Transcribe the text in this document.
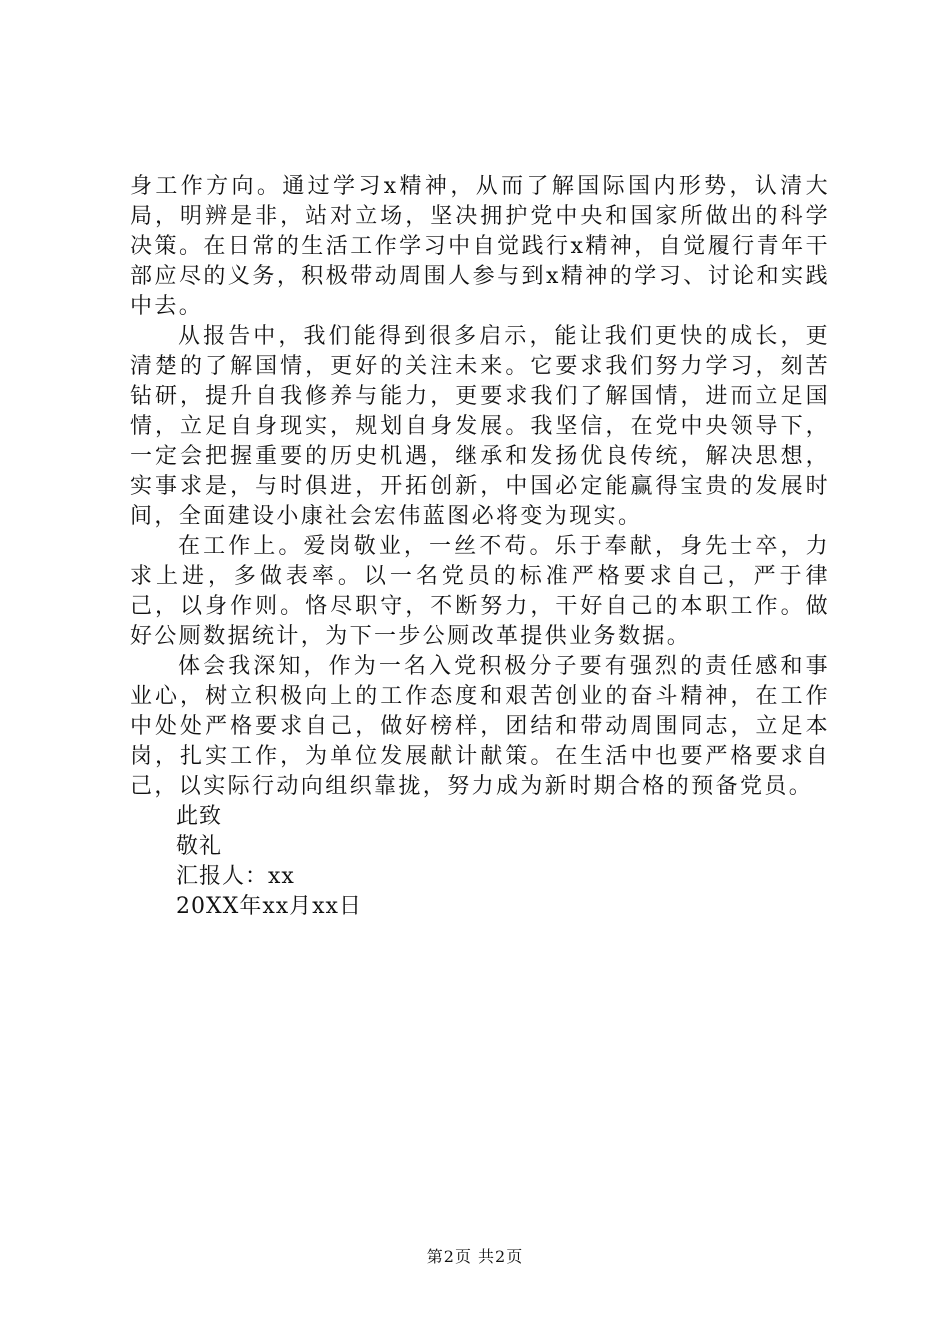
身工作方向。通过学习x精神，从而了解国际国内形势，认清大局，明辨是非，站对立场，坚决拥护党中央和国家所做出的科学决策。在日常的生活工作学习中自觉践行x精神，自觉履行青年干部应尽的义务，积极带动周围人参与到x精神的学习、讨论和实践中去。

从报告中，我们能得到很多启示，能让我们更快的成长，更清楚的了解国情，更好的关注未来。它要求我们努力学习，刻苦钻研，提升自我修养与能力，更要求我们了解国情，进而立足国情，立足自身现实，规划自身发展。我坚信，在党中央领导下，一定会把握重要的历史机遇，继承和发扬优良传统，解决思想，实事求是，与时俱进，开拓创新，中国必定能赢得宝贵的发展时间，全面建设小康社会宏伟蓝图必将变为现实。

在工作上。爱岗敬业，一丝不苟。乐于奉献，身先士卒，力求上进，多做表率。以一名党员的标准严格要求自己，严于律己，以身作则。恪尽职守，不断努力，干好自己的本职工作。做好公厕数据统计，为下一步公厕改革提供业务数据。

体会我深知，作为一名入党积极分子要有强烈的责任感和事业心，树立积极向上的工作态度和艰苦创业的奋斗精神，在工作中处处严格要求自己，做好榜样，团结和带动周围同志，立足本岗，扎实工作，为单位发展献计献策。在生活中也要严格要求自己，以实际行动向组织靠拢，努力成为新时期合格的预备党员。

此致

敬礼

汇报人：xx

20XX年xx月xx日

第2页 共2页
